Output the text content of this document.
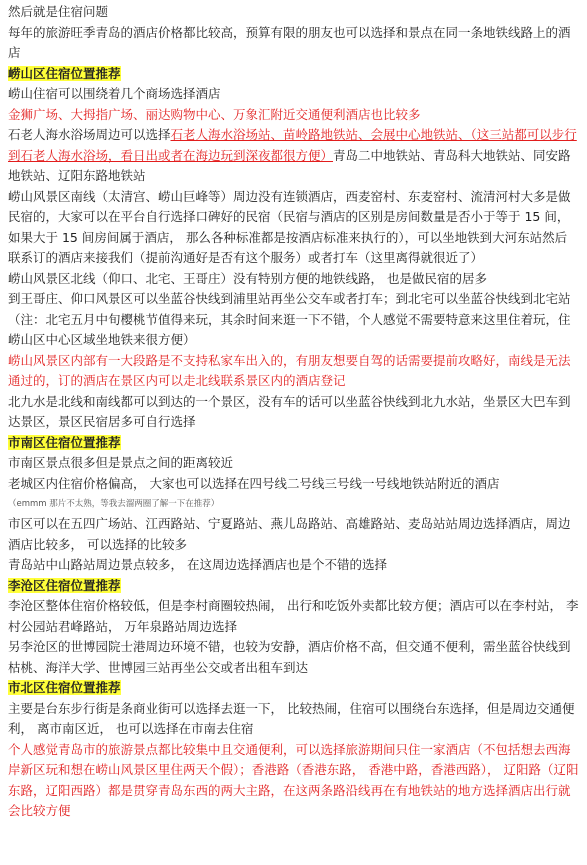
然后就是住宿问题

每年的旅游旺季青岛的酒店价格都比较高，预算有限的朋友也可以选择和景点在同一条地铁线路上的酒店

崂山区住宿位置推荐

崂山住宿可以围绕着几个商场选择酒店

金狮广场、大拇指广场、丽达购物中心、万象汇附近交通便利酒店也比较多

石老人海水浴场周边可以选择石老人海水浴场站、苗岭路地铁站、会展中心地铁站、（这三站都可以步行到石老人海水浴场，看日出或者在海边玩到深夜都很方便）青岛二中地铁站、青岛科大地铁站、同安路地铁站、辽阳东路地铁站

崂山风景区南线（太清宫、崂山巨峰等）周边没有连锁酒店，西麦窑村、东麦窑村、流清河村大多是做民宿的，大家可以在平台自行选择口碑好的民宿（民宿与酒店的区别是房间数量是否小于等于 15 间， 如果大于 15 间房间属于酒店， 那么各种标准都是按酒店标准来执行的），可以坐地铁到大河东站然后联系订的酒店来接我们（提前沟通好是否有这个服务）或者打车（这里离得就很近了）

崂山风景区北线（仰口、北宅、王哥庄）没有特别方便的地铁线路， 也是做民宿的居多

到王哥庄、仰口风景区可以坐蓝谷快线到浦里站再坐公交车或者打车；到北宅可以坐蓝谷快线到北宅站（注：北宅五月中旬樱桃节值得来玩，其余时间来逛一下不错，个人感觉不需要特意来这里住着玩，住崂山区中心区域坐地铁来很方便）

崂山风景区内部有一大段路是不支持私家车出入的，有朋友想要自驾的话需要提前攻略好，南线是无法通过的，订的酒店在景区内可以走北线联系景区内的酒店登记

北九水是北线和南线都可以到达的一个景区，没有车的话可以坐蓝谷快线到北九水站，坐景区大巴车到达景区，景区民宿居多可自行选择

市南区住宿位置推荐

市南区景点很多但是景点之间的距离较近

老城区内住宿价格偏高， 大家也可以选择在四号线二号线三号线一号线地铁站附近的酒店

（emmm 那片不太熟，等我去溜两圈了解一下在推荐）

市区可以在五四广场站、江西路站、宁夏路站、燕儿岛路站、高雄路站、麦岛站站周边选择酒店，周边酒店比较多， 可以选择的比较多

青岛站中山路站周边景点较多， 在这周边选择酒店也是个不错的选择

李沧区住宿位置推荐

李沧区整体住宿价格较低，但是李村商圈较热闹， 出行和吃饭外卖都比较方便；酒店可以在李村站， 李村公园站君峰路站， 万年泉路站周边选择

另李沧区的世博园院士港周边环境不错，也较为安静，酒店价格不高，但交通不便利，需坐蓝谷快线到枯桃、海洋大学、世博园三站再坐公交或者出租车到达

市北区住宿位置推荐

主要是台东步行街是条商业街可以选择去逛一下， 比较热闹，住宿可以围绕台东选择，但是周边交通便利， 离市南区近， 也可以选择在市南去住宿

个人感觉青岛市的旅游景点都比较集中且交通便利，可以选择旅游期间只住一家酒店（不包括想去西海岸新区玩和想在崂山风景区里住两天个假）；香港路（香港东路， 香港中路，香港西路）， 辽阳路（辽阳东路，辽阳西路）都是贯穿青岛东西的两大主路，在这两条路沿线再在有地铁站的地方选择酒店出行就会比较方便
